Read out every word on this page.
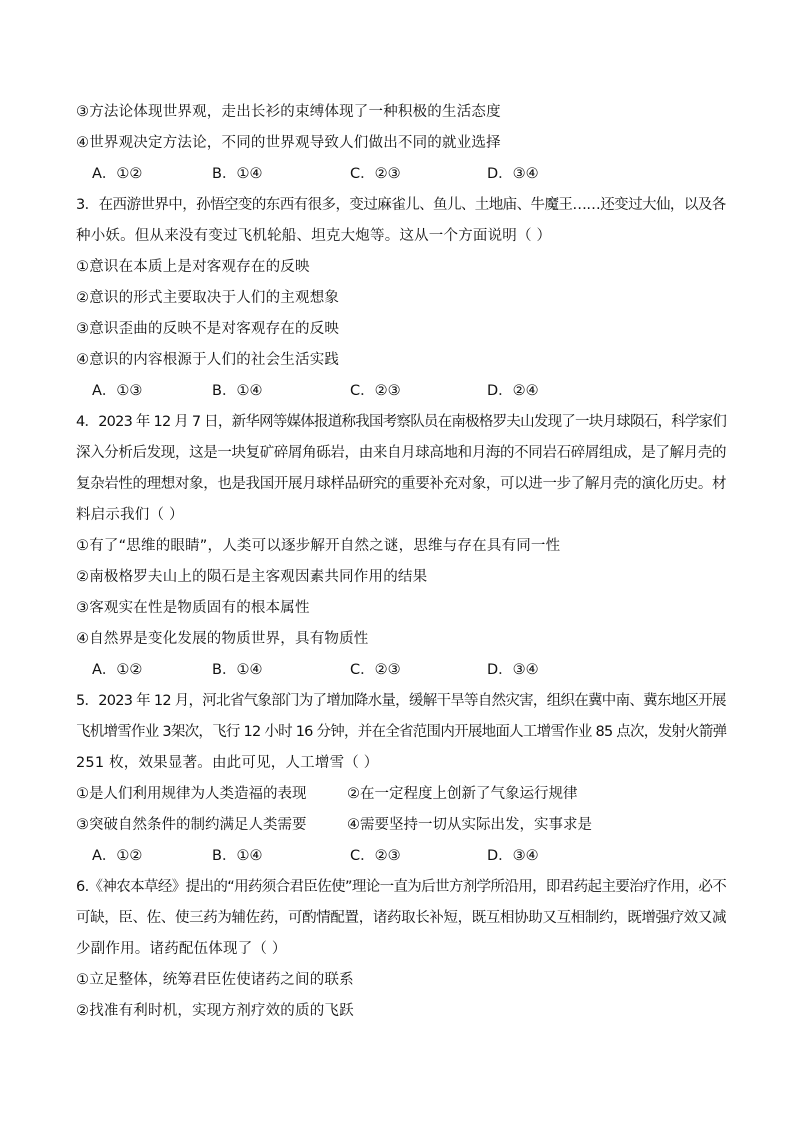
③方法论体现世界观，走出长衫的束缚体现了一种积极的生活态度
④世界观决定方法论，不同的世界观导致人们做出不同的就业选择
A．①②	B．①④	C．②③	D．③④
3．在西游世界中，孙悟空变的东西有很多，变过麻雀儿、鱼儿、土地庙、牛魔王……还变过大仙，以及各
种小妖。但从来没有变过飞机轮船、坦克大炮等。这从一个方面说明（ ）
①意识在本质上是对客观存在的反映
②意识的形式主要取决于人们的主观想象
③意识歪曲的反映不是对客观存在的反映
④意识的内容根源于人们的社会生活实践
A．①③	B．①④	C．②③	D．②④
4．2023 年 12 月 7 日，新华网等媒体报道称我国考察队员在南极格罗夫山发现了一块月球陨石，科学家们
深入分析后发现，这是一块复矿碎屑角砾岩，由来自月球高地和月海的不同岩石碎屑组成，是了解月壳的
复杂岩性的理想对象，也是我国开展月球样品研究的重要补充对象，可以进一步了解月壳的演化历史。材
料启示我们（ ）
①有了“思维的眼睛”，人类可以逐步解开自然之谜，思维与存在具有同一性
②南极格罗夫山上的陨石是主客观因素共同作用的结果
③客观实在性是物质固有的根本属性
④自然界是变化发展的物质世界，具有物质性
A．①②	B．①④	C．②③	D．③④
5．2023 年 12 月，河北省气象部门为了增加降水量，缓解干旱等自然灾害，组织在冀中南、冀东地区开展
飞机增雪作业 3架次，飞行 12 小时 16 分钟，并在全省范围内开展地面人工增雪作业 85 点次，发射火箭弹
251 枚，效果显著。由此可见，人工增雪（ ）
①是人们利用规律为人类造福的表现	②在一定程度上创新了气象运行规律
③突破自然条件的制约满足人类需要	④需要坚持一切从实际出发，实事求是
A．①②	B．①④	C．②③	D．③④
6.《神农本草经》提出的“用药须合君臣佐使”理论一直为后世方剂学所沿用，即君药起主要治疗作用，必不
可缺，臣、佐、使三药为辅佐药，可酌情配置，诸药取长补短，既互相协助又互相制约，既增强疗效又减
少副作用。诸药配伍体现了（ ）
①立足整体，统筹君臣佐使诸药之间的联系
②找准有利时机，实现方剂疗效的质的飞跃
